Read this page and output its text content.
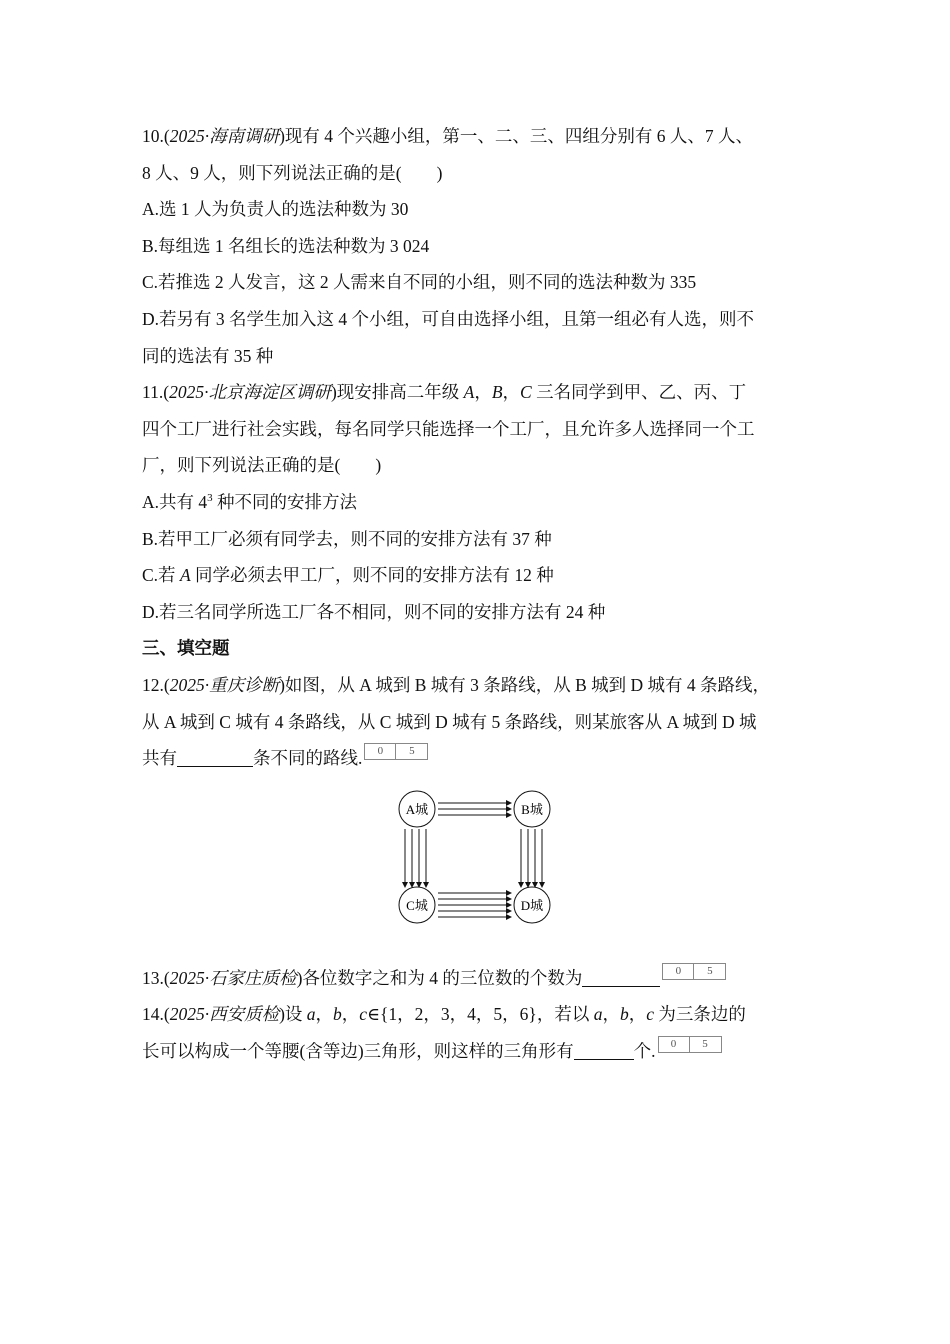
10.(2025·海南调研)现有 4 个兴趣小组，第一、二、三、四组分别有 6 人、7 人、
8 人、9 人，则下列说法正确的是(　　)
A.选 1 人为负责人的选法种数为 30
B.每组选 1 名组长的选法种数为 3 024
C.若推选 2 人发言，这 2 人需来自不同的小组，则不同的选法种数为 335
D.若另有 3 名学生加入这 4 个小组，可自由选择小组，且第一组必有人选，则不
同的选法有 35 种
11.(2025·北京海淀区调研)现安排高二年级 A，B，C 三名同学到甲、乙、丙、丁
四个工厂进行社会实践，每名同学只能选择一个工厂，且允许多人选择同一个工
厂，则下列说法正确的是(　　)
A.共有 $4^3$ 种不同的安排方法
B.若甲工厂必须有同学去，则不同的安排方法有 37 种
C.若 A 同学必须去甲工厂，则不同的安排方法有 12 种
D.若三名同学所选工厂各不相同，则不同的安排方法有 24 种
三、填空题
12.(2025·重庆诊断)如图，从 A 城到 B 城有 3 条路线，从 B 城到 D 城有 4 条路线，
从 A 城到 C 城有 4 条路线，从 C 城到 D 城有 5 条路线，则某旅客从 A 城到 D 城
共有	条不同的路线.	0	5
13.(2025·石家庄质检)各位数字之和为 4 的三位数的个数为	0	5
14.(2025·西安质检)设 a，b，c∈{1，2，3，4，5，6}，若以 a，b，c 为三条边的
长可以构成一个等腰(含等边)三角形，则这样的三角形有	个.	0	5
A城	B城
C城	D城
